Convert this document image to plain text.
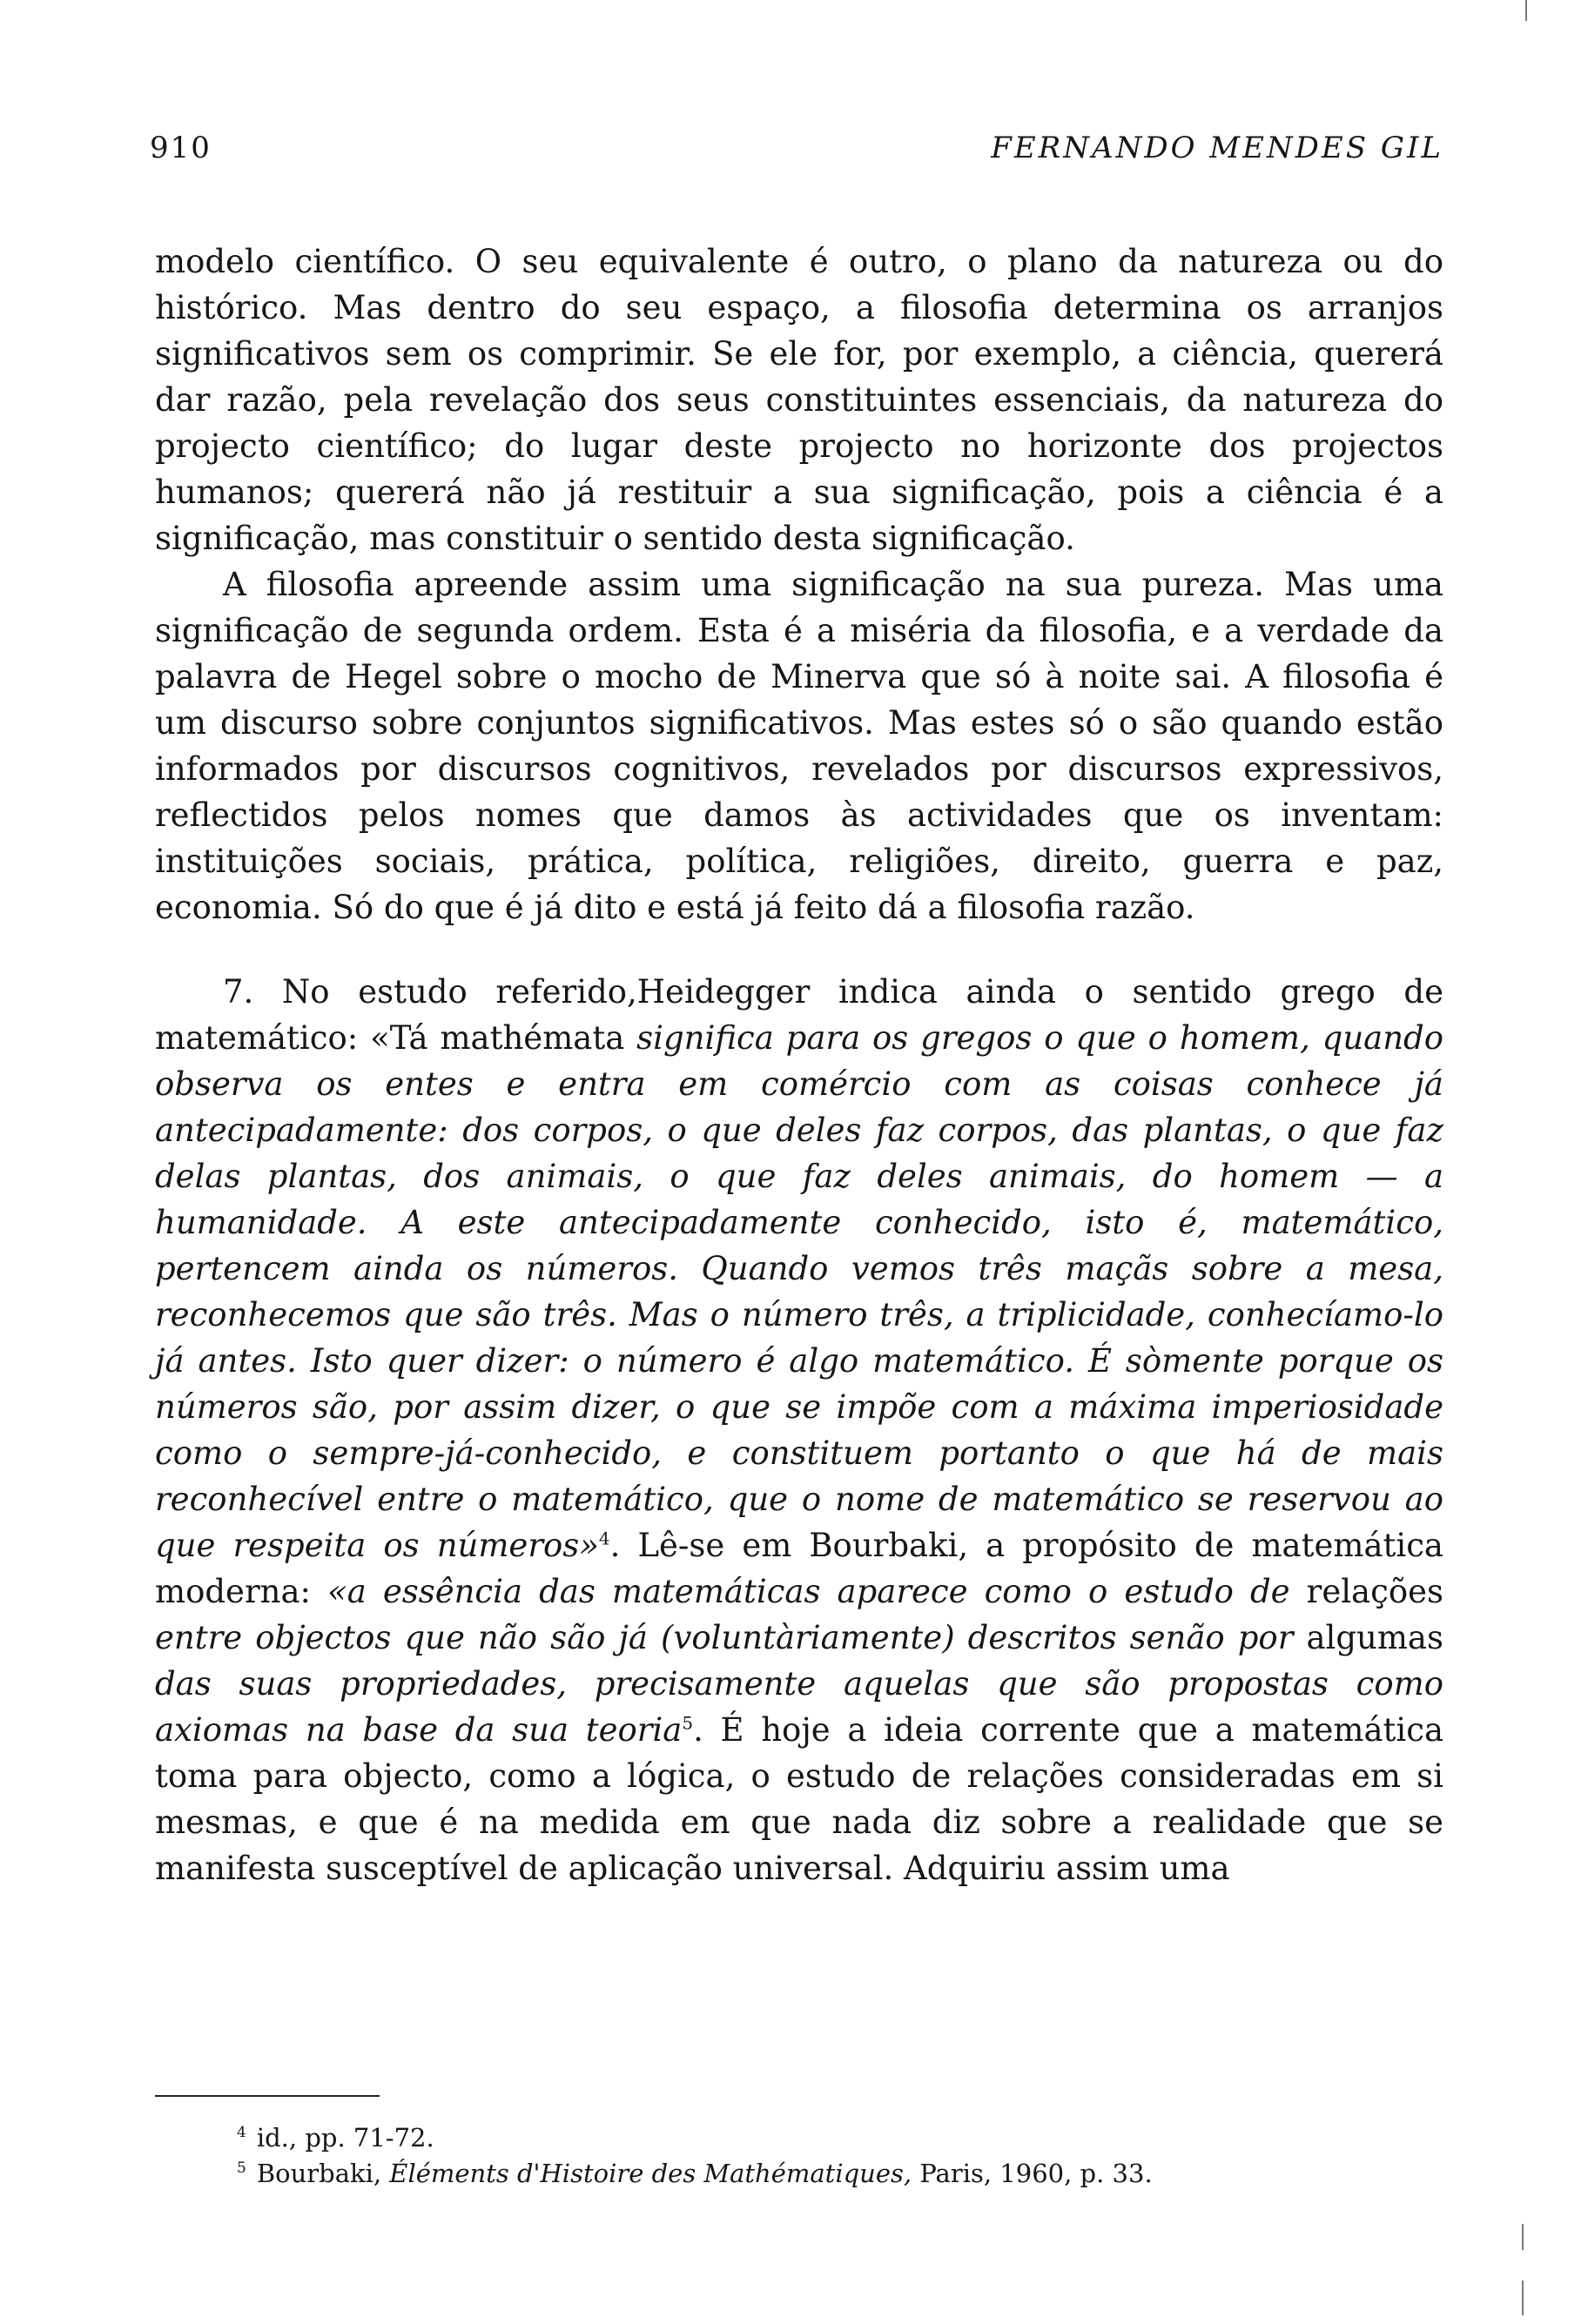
910	FERNANDO MENDES GIL

modelo científico. O seu equivalente é outro, o plano da natureza ou do histórico. Mas dentro do seu espaço, a filosofia determina os arranjos significativos sem os comprimir. Se ele for, por exemplo, a ciência, quererá dar razão, pela revelação dos seus constituintes essenciais, da natureza do projecto científico; do lugar deste projecto no horizonte dos projectos humanos; quererá não já restituir a sua significação, pois a ciência é a significação, mas constituir o sentido desta significação.

A filosofia apreende assim uma significação na sua pureza. Mas uma significação de segunda ordem. Esta é a miséria da filosofia, e a verdade da palavra de Hegel sobre o mocho de Minerva que só à noite sai. A filosofia é um discurso sobre conjuntos significativos. Mas estes só o são quando estão informados por discursos cognitivos, revelados por discursos expressivos, reflectidos pelos nomes que damos às actividades que os inventam: instituições sociais, prática, política, religiões, direito, guerra e paz, economia. Só do que é já dito e está já feito dá a filosofia razão.

7. No estudo referido,Heidegger indica ainda o sentido grego de matemático: «Tá mathémata significa para os gregos o que o homem, quando observa os entes e entra em comércio com as coisas conhece já antecipadamente: dos corpos, o que deles faz corpos, das plantas, o que faz delas plantas, dos animais, o que faz deles animais, do homem — a humanidade. A este antecipadamente conhecido, isto é, matemático, pertencem ainda os números. Quando vemos três maçãs sobre a mesa, reconhecemos que são três. Mas o número três, a triplicidade, conhecíamo-lo já antes. Isto quer dizer: o número é algo matemático. É sòmente porque os números são, por assim dizer, o que se impõe com a máxima imperiosidade como o sempre-já-conhecido, e constituem portanto o que há de mais reconhecível entre o matemático, que o nome de matemático se reservou ao que respeita os números»$^4$. Lê-se em Bourbaki, a propósito de matemática moderna: «a essência das matemáticas aparece como o estudo de relações entre objectos que não são já (voluntàriamente) descritos senão por algumas das suas propriedades, precisamente aquelas que são propostas como axiomas na base da sua teoria$^5$. É hoje a ideia corrente que a matemática toma para objecto, como a lógica, o estudo de relações consideradas em si mesmas, e que é na medida em que nada diz sobre a realidade que se manifesta susceptível de aplicação universal. Adquiriu assim uma

$^4$ id., pp. 71-72.
$^5$ Bourbaki, Éléments d'Histoire des Mathématiques, Paris, 1960, p. 33.
